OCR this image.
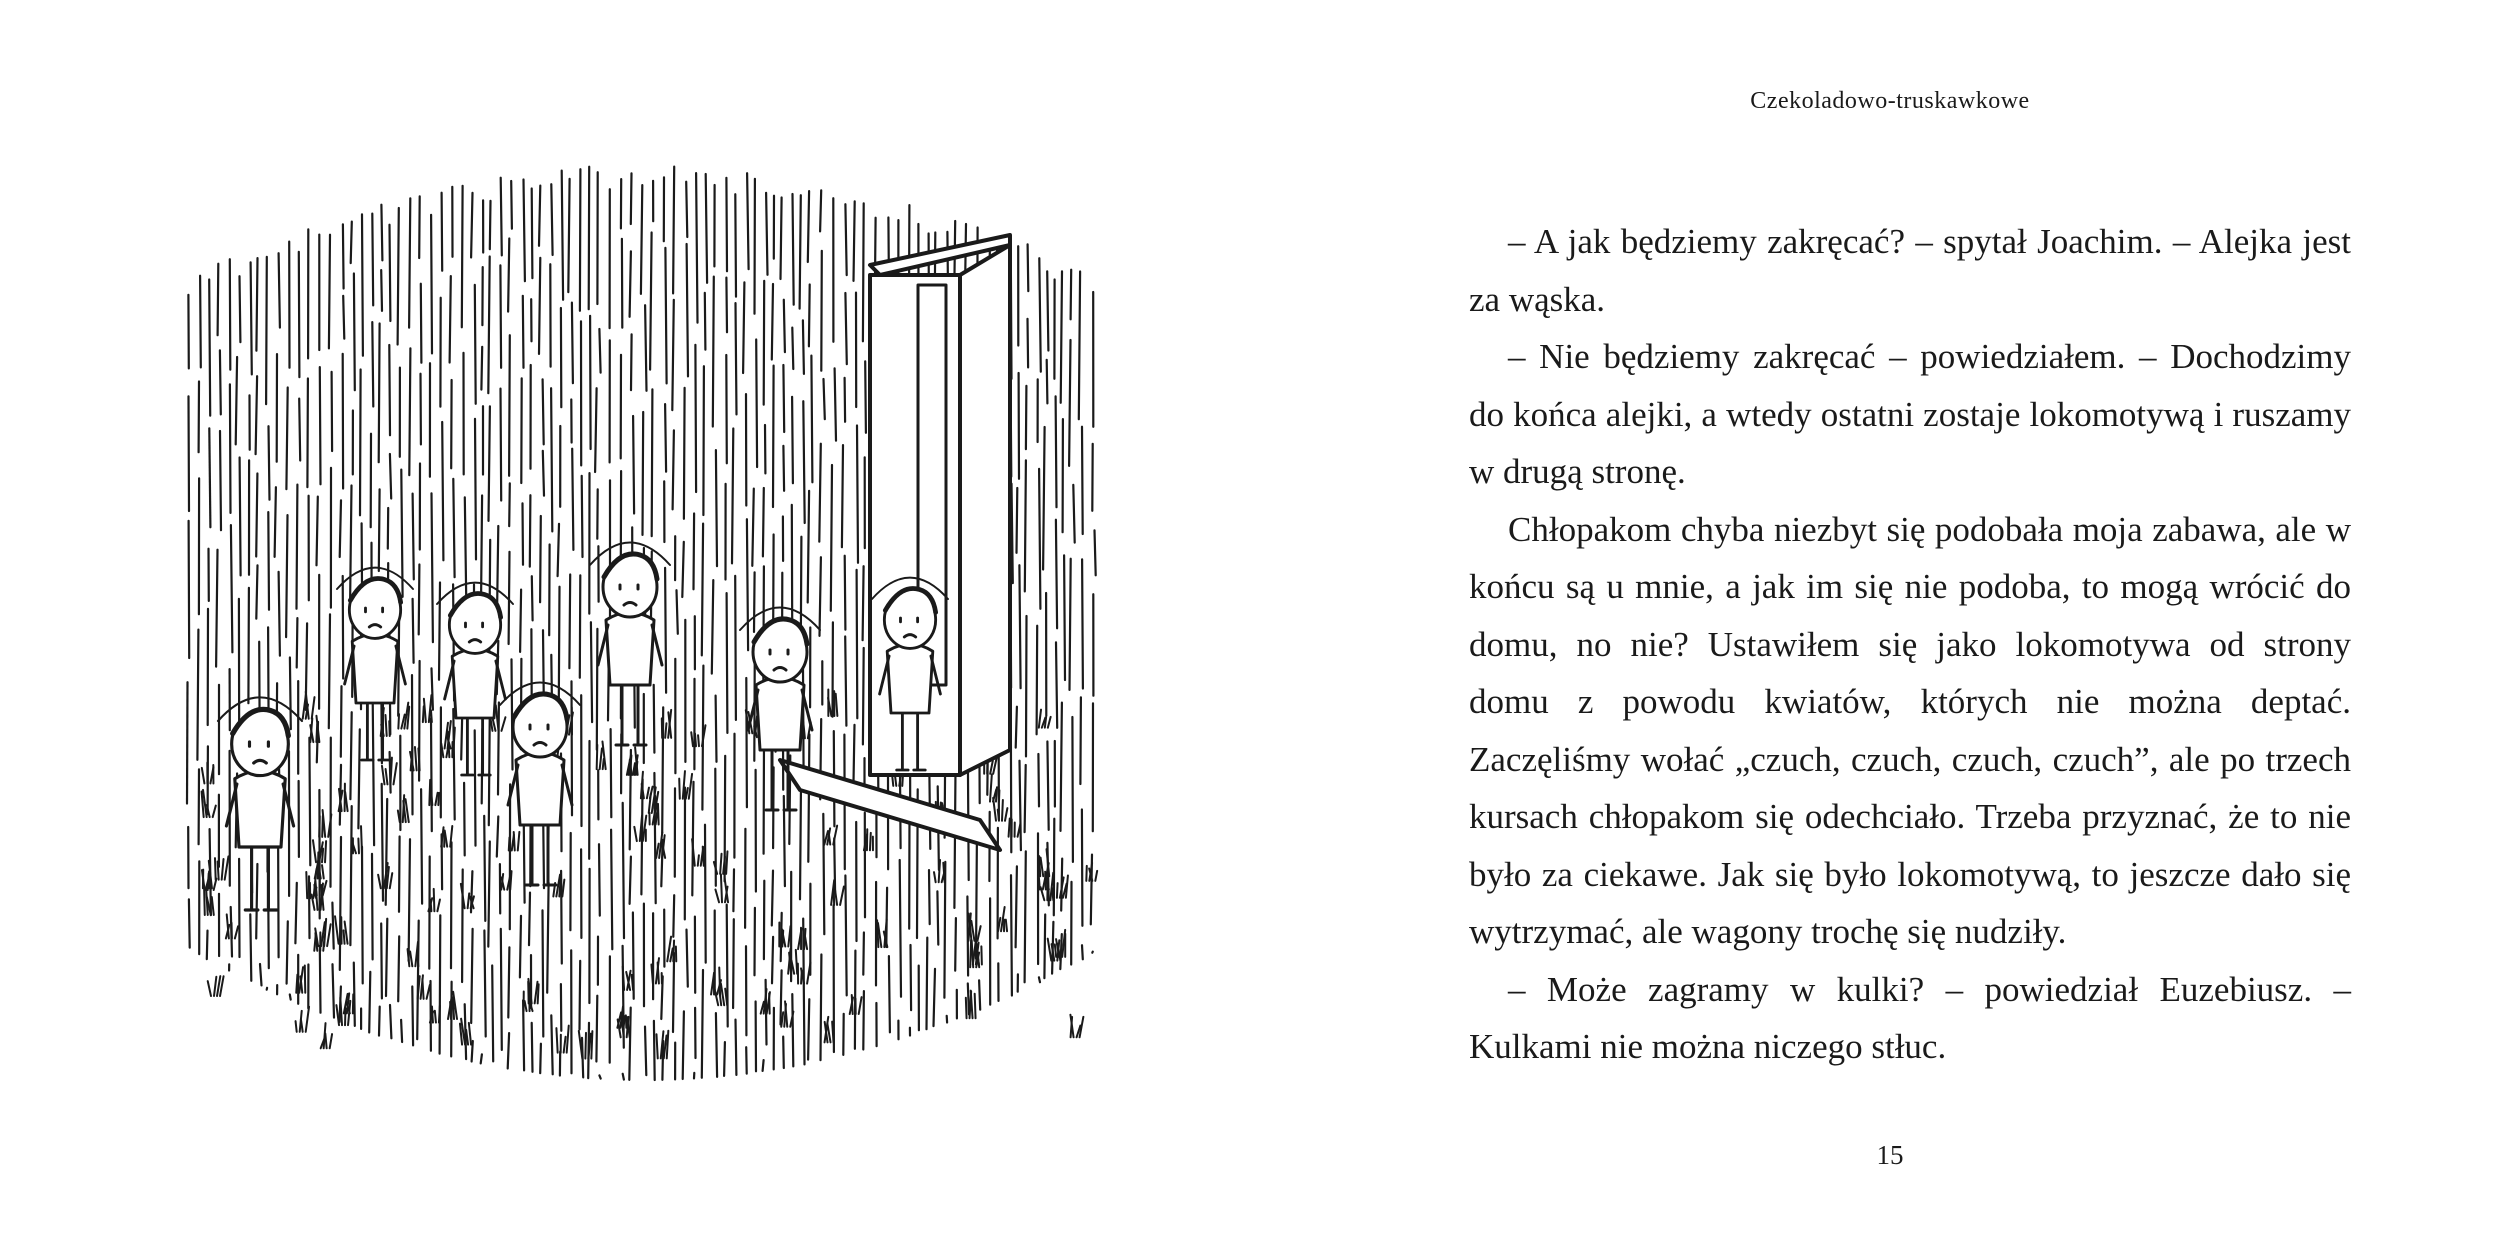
Czekoladowo-truskawkowe

– A jak będziemy zakręcać? – spytał Joachim. – Alejka jest za wąska.

– Nie będziemy zakręcać – powiedziałem. – Dochodzimy do końca alejki, a wtedy ostatni zostaje lokomotywą i ruszamy w drugą stronę.

Chłopakom chyba niezbyt się podobała moja zabawa, ale w końcu są u mnie, a jak im się nie podoba, to mogą wrócić do domu, no nie? Ustawiłem się jako lokomotywa od strony domu z powodu kwiatów, których nie można deptać. Zaczęliśmy wołać „czuch, czuch, czuch, czuch”, ale po trzech kursach chłopakom się odechciało. Trzeba przyznać, że to nie było za ciekawe. Jak się było lokomotywą, to jeszcze dało się wytrzymać, ale wagony trochę się nudziły.

– Może zagramy w kulki? – powiedział Euzebiusz. – Kulkami nie można niczego stłuc.

15
